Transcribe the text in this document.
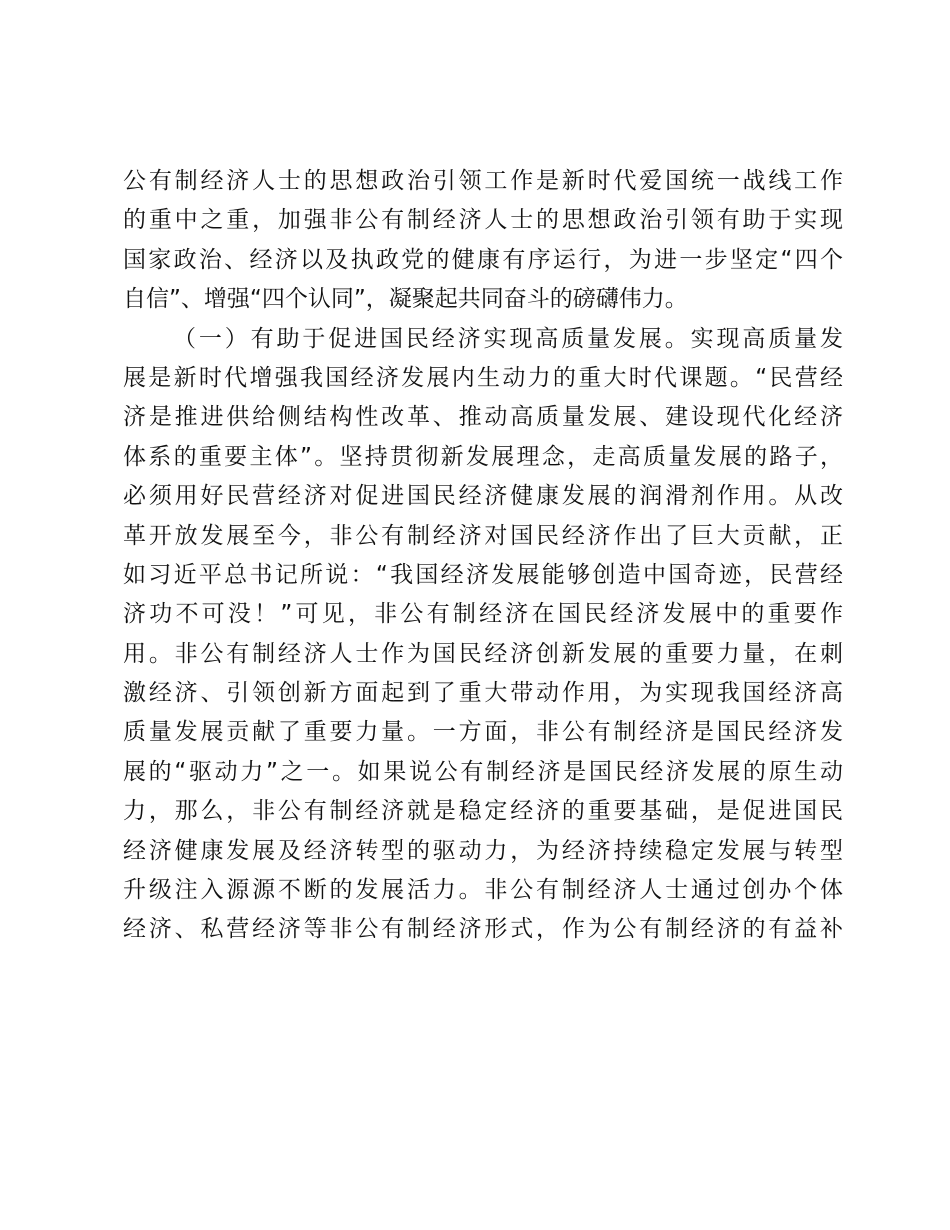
公有制经济人士的思想政治引领工作是新时代爱国统一战线工作
的重中之重，加强非公有制经济人士的思想政治引领有助于实现
国家政治、经济以及执政党的健康有序运行，为进一步坚定“四个
自信”、增强“四个认同”，凝聚起共同奋斗的磅礴伟力。
（一）有助于促进国民经济实现高质量发展。实现高质量发
展是新时代增强我国经济发展内生动力的重大时代课题。“民营经
济是推进供给侧结构性改革、推动高质量发展、建设现代化经济
体系的重要主体”。坚持贯彻新发展理念，走高质量发展的路子，
必须用好民营经济对促进国民经济健康发展的润滑剂作用。从改
革开放发展至今，非公有制经济对国民经济作出了巨大贡献，正
如习近平总书记所说：“我国经济发展能够创造中国奇迹，民营经
济功不可没！”可见，非公有制经济在国民经济发展中的重要作
用。非公有制经济人士作为国民经济创新发展的重要力量，在刺
激经济、引领创新方面起到了重大带动作用，为实现我国经济高
质量发展贡献了重要力量。一方面，非公有制经济是国民经济发
展的“驱动力”之一。如果说公有制经济是国民经济发展的原生动
力，那么，非公有制经济就是稳定经济的重要基础，是促进国民
经济健康发展及经济转型的驱动力，为经济持续稳定发展与转型
升级注入源源不断的发展活力。非公有制经济人士通过创办个体
经济、私营经济等非公有制经济形式，作为公有制经济的有益补
